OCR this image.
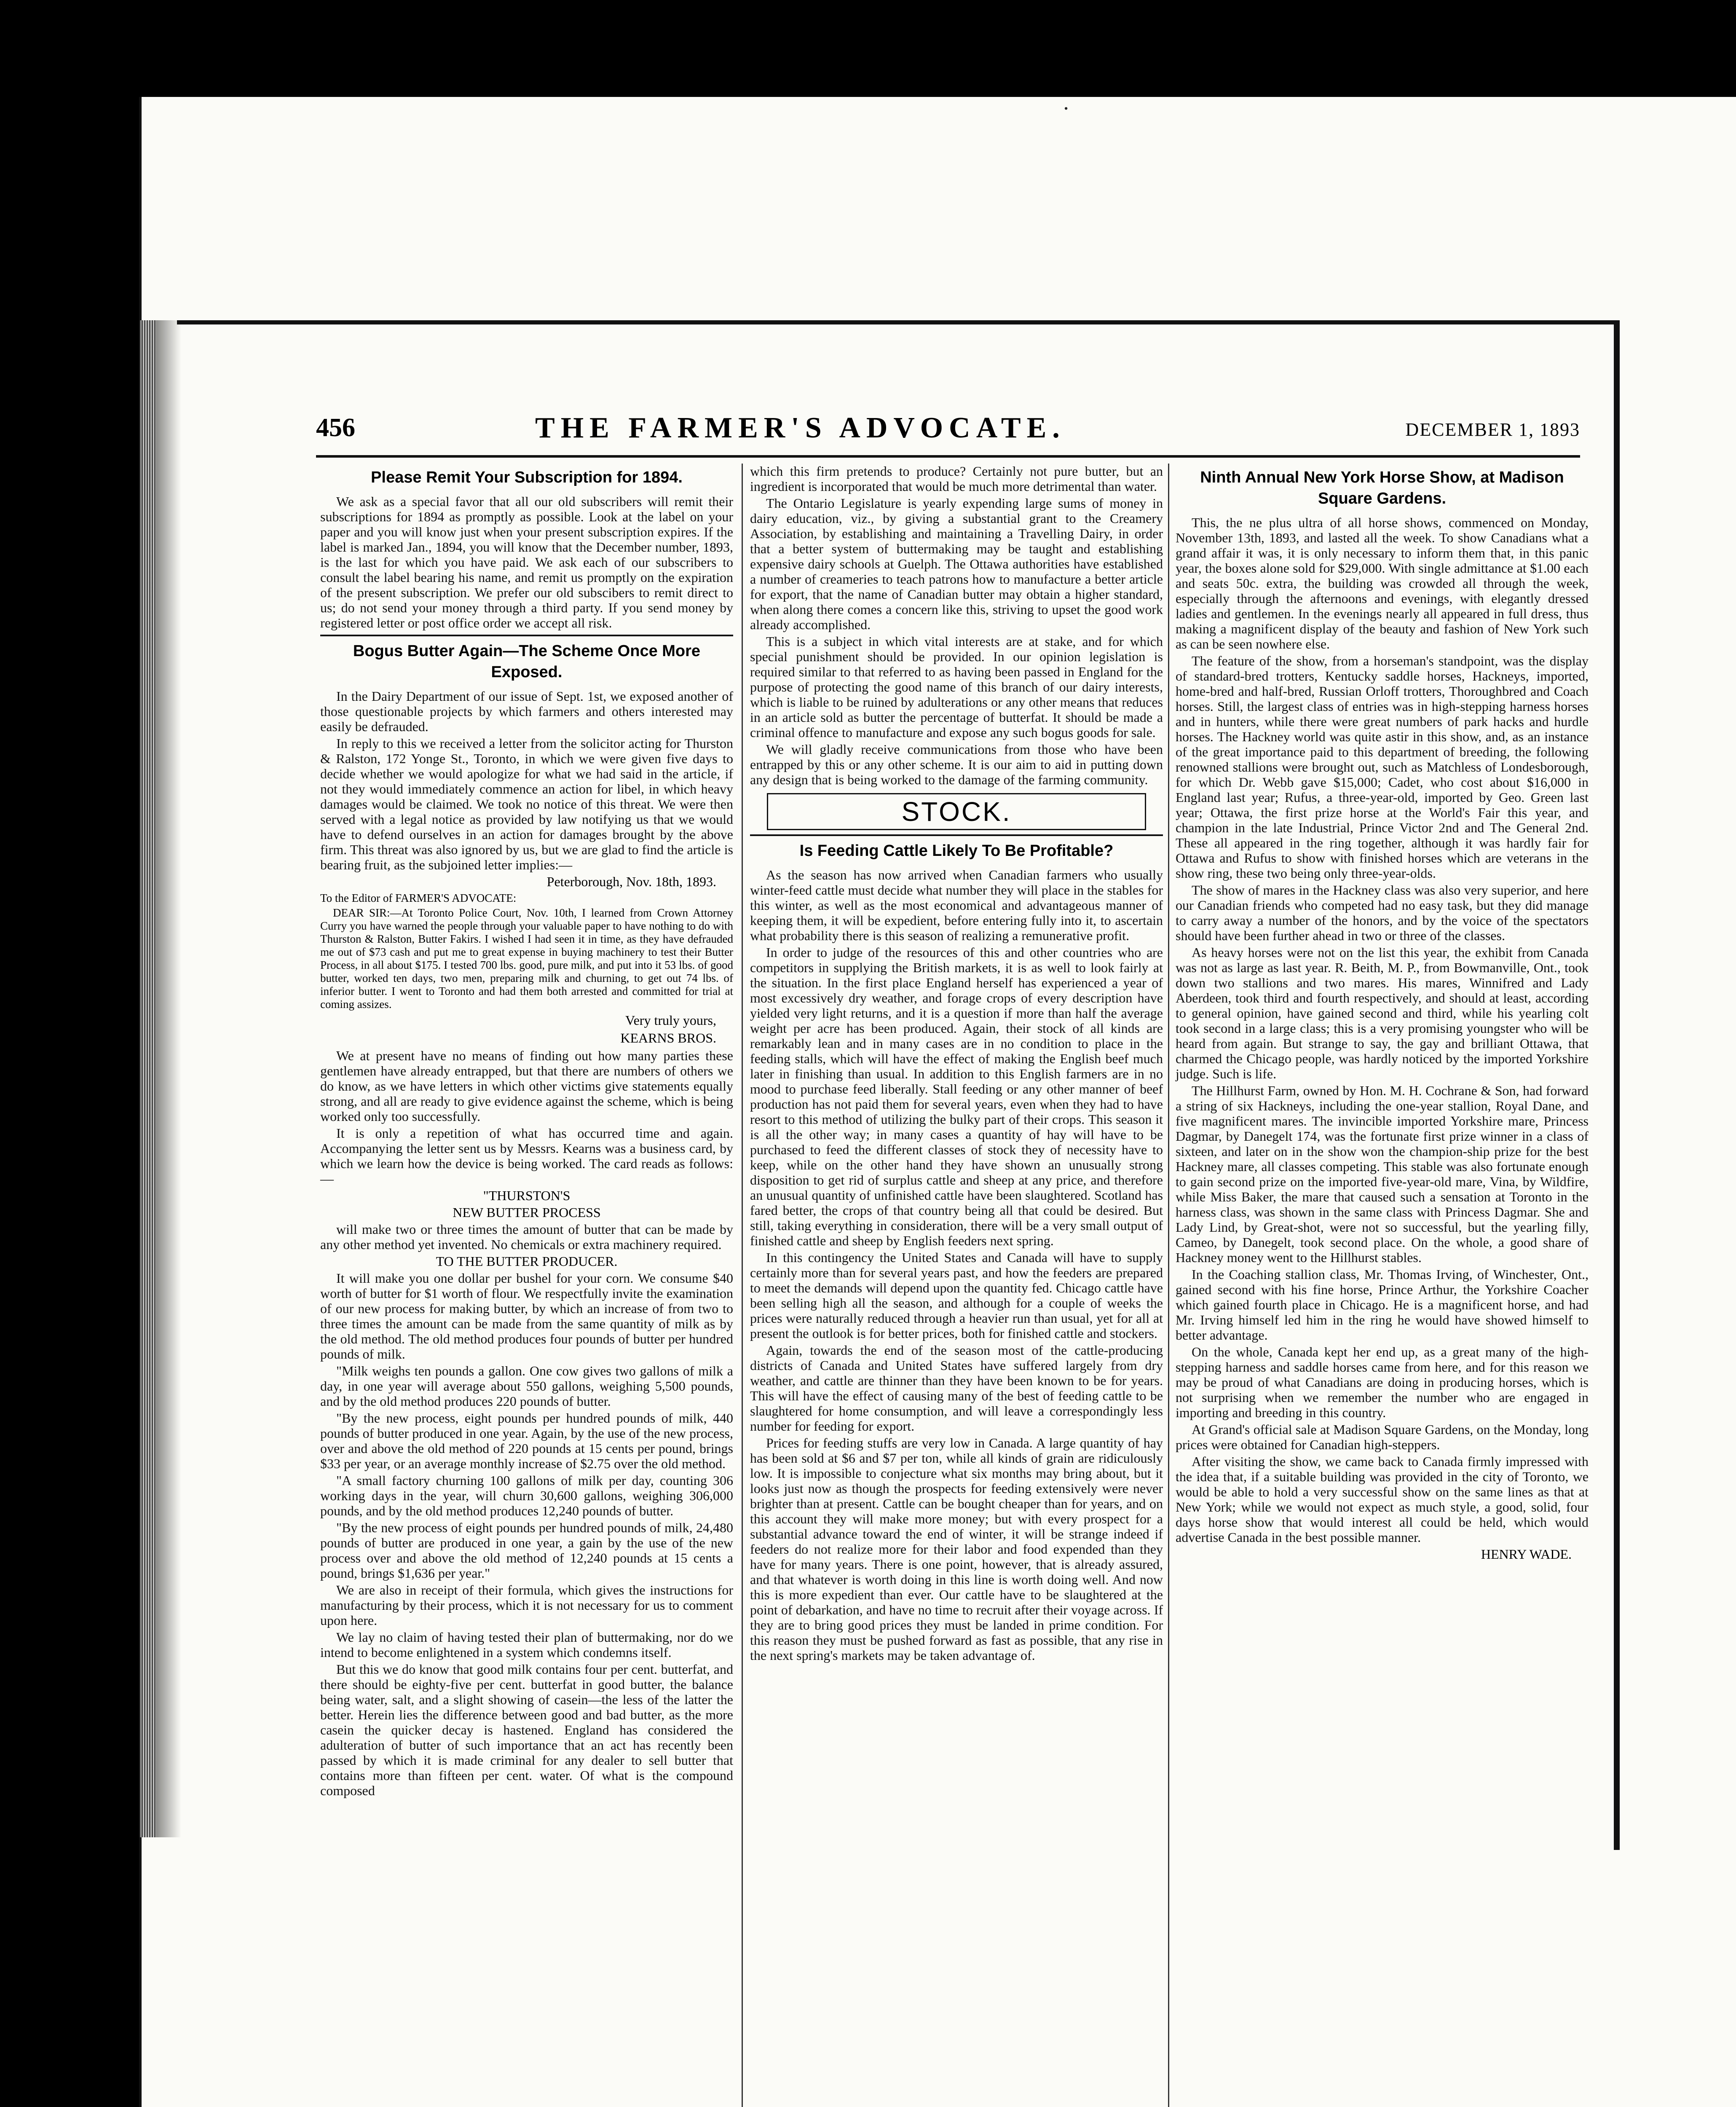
˙
456	THE FARMER'S ADVOCATE.	DECEMBER 1, 1893
Please Remit Your Subscription for 1894.
We ask as a special favor that all our old subscribers will remit their subscriptions for 1894 as promptly as possible. Look at the label on your paper and you will know just when your present subscription expires. If the label is marked Jan., 1894, you will know that the December number, 1893, is the last for which you have paid. We ask each of our subscribers to consult the label bearing his name, and remit us promptly on the expiration of the present subscription. We prefer our old subscibers to remit direct to us; do not send your money through a third party. If you send money by registered letter or post office order we accept all risk.
Bogus Butter Again—The Scheme Once More Exposed.
In the Dairy Department of our issue of Sept. 1st, we exposed another of those questionable projects by which farmers and others interested may easily be defrauded.
In reply to this we received a letter from the solicitor acting for Thurston & Ralston, 172 Yonge St., Toronto, in which we were given five days to decide whether we would apologize for what we had said in the article, if not they would immediately commence an action for libel, in which heavy damages would be claimed. We took no notice of this threat. We were then served with a legal notice as provided by law notifying us that we would have to defend ourselves in an action for damages brought by the above firm. This threat was also ignored by us, but we are glad to find the article is bearing fruit, as the subjoined letter implies:—
Peterborough, Nov. 18th, 1893.
To the Editor of FARMER'S ADVOCATE:
DEAR SIR:—At Toronto Police Court, Nov. 10th, I learned from Crown Attorney Curry you have warned the people through your valuable paper to have nothing to do with Thurston & Ralston, Butter Fakirs. I wished I had seen it in time, as they have defrauded me out of $73 cash and put me to great expense in buying machinery to test their Butter Process, in all about $175. I tested 700 lbs. good, pure milk, and put into it 53 lbs. of good butter, worked ten days, two men, preparing milk and churning, to get out 74 lbs. of inferior butter. I went to Toronto and had them both arrested and committed for trial at coming assizes.
Very truly yours,
KEARNS BROS.
We at present have no means of finding out how many parties these gentlemen have already entrapped, but that there are numbers of others we do know, as we have letters in which other victims give statements equally strong, and all are ready to give evidence against the scheme, which is being worked only too successfully.
It is only a repetition of what has occurred time and again. Accompanying the letter sent us by Messrs. Kearns was a business card, by which we learn how the device is being worked. The card reads as follows:—
"THURSTON'S
NEW BUTTER PROCESS
will make two or three times the amount of butter that can be made by any other method yet invented. No chemicals or extra machinery required.
TO THE BUTTER PRODUCER.
It will make you one dollar per bushel for your corn. We consume $40 worth of butter for $1 worth of flour. We respectfully invite the examination of our new process for making butter, by which an increase of from two to three times the amount can be made from the same quantity of milk as by the old method. The old method produces four pounds of butter per hundred pounds of milk.
"Milk weighs ten pounds a gallon. One cow gives two gallons of milk a day, in one year will average about 550 gallons, weighing 5,500 pounds, and by the old method produces 220 pounds of butter.
"By the new process, eight pounds per hundred pounds of milk, 440 pounds of butter produced in one year. Again, by the use of the new process, over and above the old method of 220 pounds at 15 cents per pound, brings $33 per year, or an average monthly increase of $2.75 over the old method.
"A small factory churning 100 gallons of milk per day, counting 306 working days in the year, will churn 30,600 gallons, weighing 306,000 pounds, and by the old method produces 12,240 pounds of butter.
"By the new process of eight pounds per hundred pounds of milk, 24,480 pounds of butter are produced in one year, a gain by the use of the new process over and above the old method of 12,240 pounds at 15 cents a pound, brings $1,636 per year."
We are also in receipt of their formula, which gives the instructions for manufacturing by their process, which it is not necessary for us to comment upon here.
We lay no claim of having tested their plan of buttermaking, nor do we intend to become enlightened in a system which condemns itself.
But this we do know that good milk contains four per cent. butterfat, and there should be eighty-five per cent. butterfat in good butter, the balance being water, salt, and a slight showing of casein—the less of the latter the better. Herein lies the difference between good and bad butter, as the more casein the quicker decay is hastened. England has considered the adulteration of butter of such importance that an act has recently been passed by which it is made criminal for any dealer to sell butter that contains more than fifteen per cent. water. Of what is the compound composed
which this firm pretends to produce? Certainly not pure butter, but an ingredient is incorporated that would be much more detrimental than water.
The Ontario Legislature is yearly expending large sums of money in dairy education, viz., by giving a substantial grant to the Creamery Association, by establishing and maintaining a Travelling Dairy, in order that a better system of buttermaking may be taught and establishing expensive dairy schools at Guelph. The Ottawa authorities have established a number of creameries to teach patrons how to manufacture a better article for export, that the name of Canadian butter may obtain a higher standard, when along there comes a concern like this, striving to upset the good work already accomplished.
This is a subject in which vital interests are at stake, and for which special punishment should be provided. In our opinion legislation is required similar to that referred to as having been passed in England for the purpose of protecting the good name of this branch of our dairy interests, which is liable to be ruined by adulterations or any other means that reduces in an article sold as butter the percentage of butterfat. It should be made a criminal offence to manufacture and expose any such bogus goods for sale.
We will gladly receive communications from those who have been entrapped by this or any other scheme. It is our aim to aid in putting down any design that is being worked to the damage of the farming community.
STOCK.
Is Feeding Cattle Likely To Be Profitable?
As the season has now arrived when Canadian farmers who usually winter-feed cattle must decide what number they will place in the stables for this winter, as well as the most economical and advantageous manner of keeping them, it will be expedient, before entering fully into it, to ascertain what probability there is this season of realizing a remunerative profit.
In order to judge of the resources of this and other countries who are competitors in supplying the British markets, it is as well to look fairly at the situation. In the first place England herself has experienced a year of most excessively dry weather, and forage crops of every description have yielded very light returns, and it is a question if more than half the average weight per acre has been produced. Again, their stock of all kinds are remarkably lean and in many cases are in no condition to place in the feeding stalls, which will have the effect of making the English beef much later in finishing than usual. In addition to this English farmers are in no mood to purchase feed liberally. Stall feeding or any other manner of beef production has not paid them for several years, even when they had to have resort to this method of utilizing the bulky part of their crops. This season it is all the other way; in many cases a quantity of hay will have to be purchased to feed the different classes of stock they of necessity have to keep, while on the other hand they have shown an unusually strong disposition to get rid of surplus cattle and sheep at any price, and therefore an unusual quantity of unfinished cattle have been slaughtered. Scotland has fared better, the crops of that country being all that could be desired. But still, taking everything in consideration, there will be a very small output of finished cattle and sheep by English feeders next spring.
In this contingency the United States and Canada will have to supply certainly more than for several years past, and how the feeders are prepared to meet the demands will depend upon the quantity fed. Chicago cattle have been selling high all the season, and although for a couple of weeks the prices were naturally reduced through a heavier run than usual, yet for all at present the outlook is for better prices, both for finished cattle and stockers.
Again, towards the end of the season most of the cattle-producing districts of Canada and United States have suffered largely from dry weather, and cattle are thinner than they have been known to be for years. This will have the effect of causing many of the best of feeding cattle to be slaughtered for home consumption, and will leave a correspondingly less number for feeding for export.
Prices for feeding stuffs are very low in Canada. A large quantity of hay has been sold at $6 and $7 per ton, while all kinds of grain are ridiculously low. It is impossible to conjecture what six months may bring about, but it looks just now as though the prospects for feeding extensively were never brighter than at present. Cattle can be bought cheaper than for years, and on this account they will make more money; but with every prospect for a substantial advance toward the end of winter, it will be strange indeed if feeders do not realize more for their labor and food expended than they have for many years. There is one point, however, that is already assured, and that whatever is worth doing in this line is worth doing well. And now this is more expedient than ever. Our cattle have to be slaughtered at the point of debarkation, and have no time to recruit after their voyage across. If they are to bring good prices they must be landed in prime condition. For this reason they must be pushed forward as fast as possible, that any rise in the next spring's markets may be taken advantage of.
Ninth Annual New York Horse Show, at Madison Square Gardens.
This, the ne plus ultra of all horse shows, commenced on Monday, November 13th, 1893, and lasted all the week. To show Canadians what a grand affair it was, it is only necessary to inform them that, in this panic year, the boxes alone sold for $29,000. With single admittance at $1.00 each and seats 50c. extra, the building was crowded all through the week, especially through the afternoons and evenings, with elegantly dressed ladies and gentlemen. In the evenings nearly all appeared in full dress, thus making a magnificent display of the beauty and fashion of New York such as can be seen nowhere else.
The feature of the show, from a horseman's standpoint, was the display of standard-bred trotters, Kentucky saddle horses, Hackneys, imported, home-bred and half-bred, Russian Orloff trotters, Thoroughbred and Coach horses. Still, the largest class of entries was in high-stepping harness horses and in hunters, while there were great numbers of park hacks and hurdle horses. The Hackney world was quite astir in this show, and, as an instance of the great importance paid to this department of breeding, the following renowned stallions were brought out, such as Matchless of Londesborough, for which Dr. Webb gave $15,000; Cadet, who cost about $16,000 in England last year; Rufus, a three-year-old, imported by Geo. Green last year; Ottawa, the first prize horse at the World's Fair this year, and champion in the late Industrial, Prince Victor 2nd and The General 2nd. These all appeared in the ring together, although it was hardly fair for Ottawa and Rufus to show with finished horses which are veterans in the show ring, these two being only three-year-olds.
The show of mares in the Hackney class was also very superior, and here our Canadian friends who competed had no easy task, but they did manage to carry away a number of the honors, and by the voice of the spectators should have been further ahead in two or three of the classes.
As heavy horses were not on the list this year, the exhibit from Canada was not as large as last year. R. Beith, M. P., from Bowmanville, Ont., took down two stallions and two mares. His mares, Winnifred and Lady Aberdeen, took third and fourth respectively, and should at least, according to general opinion, have gained second and third, while his yearling colt took second in a large class; this is a very promising youngster who will be heard from again. But strange to say, the gay and brilliant Ottawa, that charmed the Chicago people, was hardly noticed by the imported Yorkshire judge. Such is life.
The Hillhurst Farm, owned by Hon. M. H. Cochrane & Son, had forward a string of six Hackneys, including the one-year stallion, Royal Dane, and five magnificent mares. The invincible imported Yorkshire mare, Princess Dagmar, by Danegelt 174, was the fortunate first prize winner in a class of sixteen, and later on in the show won the champion-ship prize for the best Hackney mare, all classes competing. This stable was also fortunate enough to gain second prize on the imported five-year-old mare, Vina, by Wildfire, while Miss Baker, the mare that caused such a sensation at Toronto in the harness class, was shown in the same class with Princess Dagmar. She and Lady Lind, by Great-shot, were not so successful, but the yearling filly, Cameo, by Danegelt, took second place. On the whole, a good share of Hackney money went to the Hillhurst stables.
In the Coaching stallion class, Mr. Thomas Irving, of Winchester, Ont., gained second with his fine horse, Prince Arthur, the Yorkshire Coacher which gained fourth place in Chicago. He is a magnificent horse, and had Mr. Irving himself led him in the ring he would have showed himself to better advantage.
On the whole, Canada kept her end up, as a great many of the high-stepping harness and saddle horses came from here, and for this reason we may be proud of what Canadians are doing in producing horses, which is not surprising when we remember the number who are engaged in importing and breeding in this country.
At Grand's official sale at Madison Square Gardens, on the Monday, long prices were obtained for Canadian high-steppers.
After visiting the show, we came back to Canada firmly impressed with the idea that, if a suitable building was provided in the city of Toronto, we would be able to hold a very successful show on the same lines as that at New York; while we would not expect as much style, a good, solid, four days horse show that would interest all could be held, which would advertise Canada in the best possible manner.
HENRY WADE.
